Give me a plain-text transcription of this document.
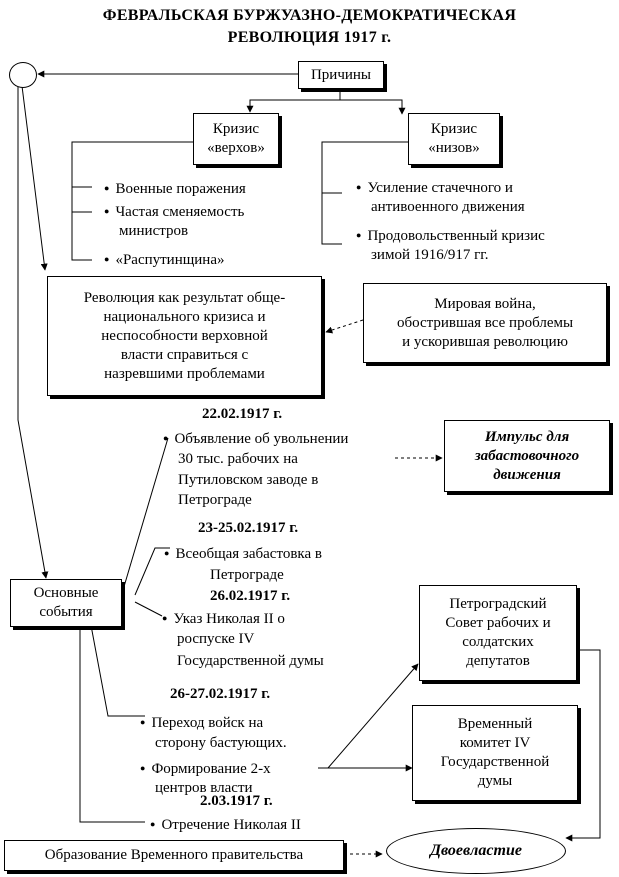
ФЕВРАЛЬСКАЯ БУРЖУАЗНО-ДЕМОКРАТИЧЕСКАЯ
РЕВОЛЮЦИЯ 1917 г.
Причины
Кризис
«верхов»
Кризис
«низов»
● Военные поражения
● Частая сменяемость
министров
● «Распутинщина»
● Усиление стачечного и
антивоенного движения
● Продовольственный кризис
зимой 1916/917 гг.
Революция как результат обще-
национального кризиса и
неспособности верховной
власти справиться с
назревшими проблемами
Мировая война,
обострившая все проблемы
и ускорившая революцию
22.02.1917 г.
● Объявление об увольнении
30 тыс. рабочих на
Путиловском заводе в
Петрограде
Импульс для
забастовочного
движения
23-25.02.1917 г.
● Всеобщая забастовка в
Петрограде
26.02.1917 г.
● Указ Николая II о
роспуске IV
Государственной думы
Основные
события
26-27.02.1917 г.
● Переход войск на
сторону бастующих.
● Формирование 2-х
центров власти
2.03.1917 г.
● Отречение Николая II
Петроградский
Совет рабочих и
солдатских
депутатов
Временный
комитет IV
Государственной
думы
Образование Временного правительства	Двоевластие
